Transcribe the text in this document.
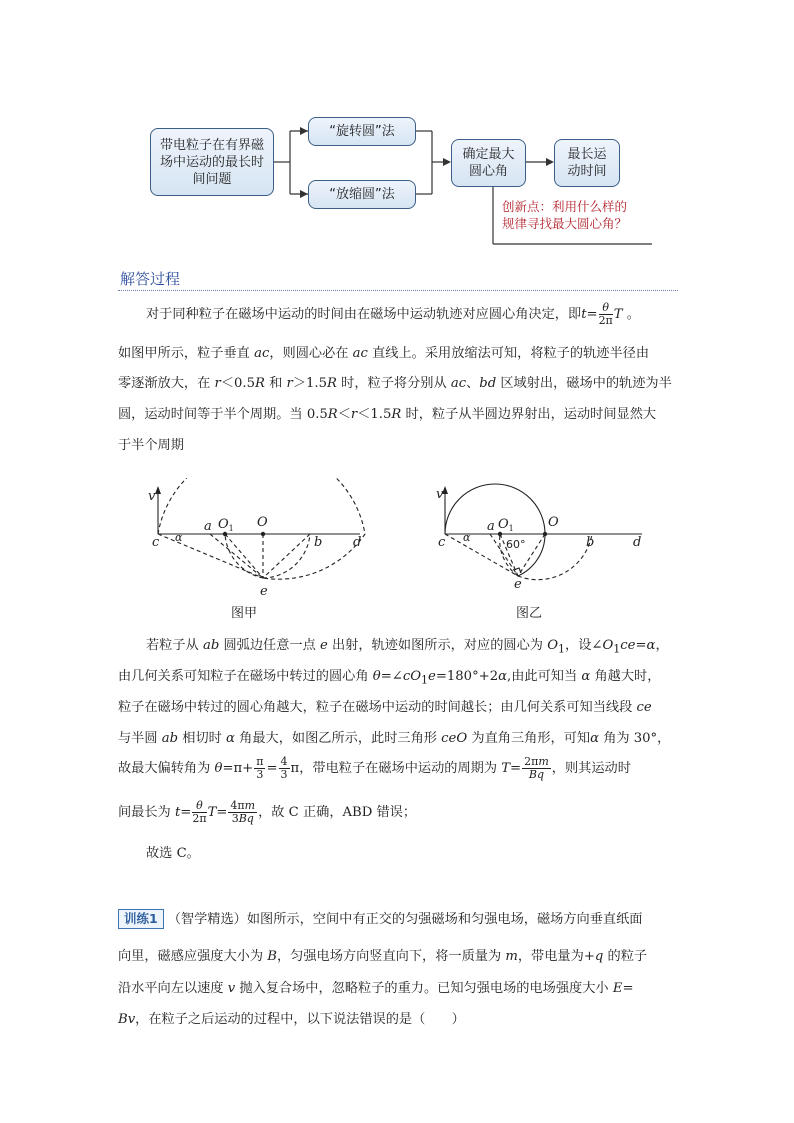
带电粒子在有界磁场中运动的最长时间问题
“旋转圆”法
“放缩圆”法
确定最大圆心角
最长运动时间
创新点：利用什么样的
规律寻找最大圆心角？
解答过程
对于同种粒子在磁场中运动的时间由在磁场中运动轨迹对应圆心角决定，即$t= \frac{\theta}{2\pi}$ T 。
如图甲所示，粒子垂直 ac，则圆心必在 ac 直线上。采用放缩法可知，将粒子的轨迹半径由
零逐渐放大，在 r＜0.5R 和 r＞1.5R 时，粒子将分别从 ac、bd 区域射出，磁场中的轨迹为半
圆，运动时间等于半个周期。当 0.5R＜r＜1.5R 时，粒子从半圆边界射出，运动时间显然大
于半个周期
v
c α
a $O_1$ O
b d
e
图甲
v
c α
a $O_1$	O
b	d
e
60°
图乙
若粒子从 ab 圆弧边任意一点 e 出射，轨迹如图所示，对应的圆心为 $O_1$，设$\angle O_1ce=\alpha$，
由几何关系可知粒子在磁场中转过的圆心角 $\theta=\angle cO_1e=180^\circ+2\alpha$,由此可知当 α 角越大时，
粒子在磁场中转过的圆心角越大，粒子在磁场中运动的时间越长；由几何关系可知当线段 ce
与半圆 ab 相切时 α 角最大，如图乙所示，此时三角形 ceO 为直角三角形，可知α 角为 30°，
故最大偏转角为 $\theta=\pi+ \frac{\pi}{3} = \frac{4}{3}$ π，带电粒子在磁场中运动的周期为 $T= \frac{2\pi m}{Bq}$ ，则其运动时
间最长为 $t= \frac{\theta}{2\pi} T= \frac{4\pi m}{3Bq}$ ，故 C 正确，ABD 错误；
故选 C。
训练1 （智学精选）如图所示，空间中有正交的匀强磁场和匀强电场，磁场方向垂直纸面
向里，磁感应强度大小为 B，匀强电场方向竖直向下，将一质量为 m，带电量为+q 的粒子
沿水平向左以速度 v 抛入复合场中，忽略粒子的重力。已知匀强电场的电场强度大小 E=
Bv，在粒子之后运动的过程中，以下说法错误的是（　　）
